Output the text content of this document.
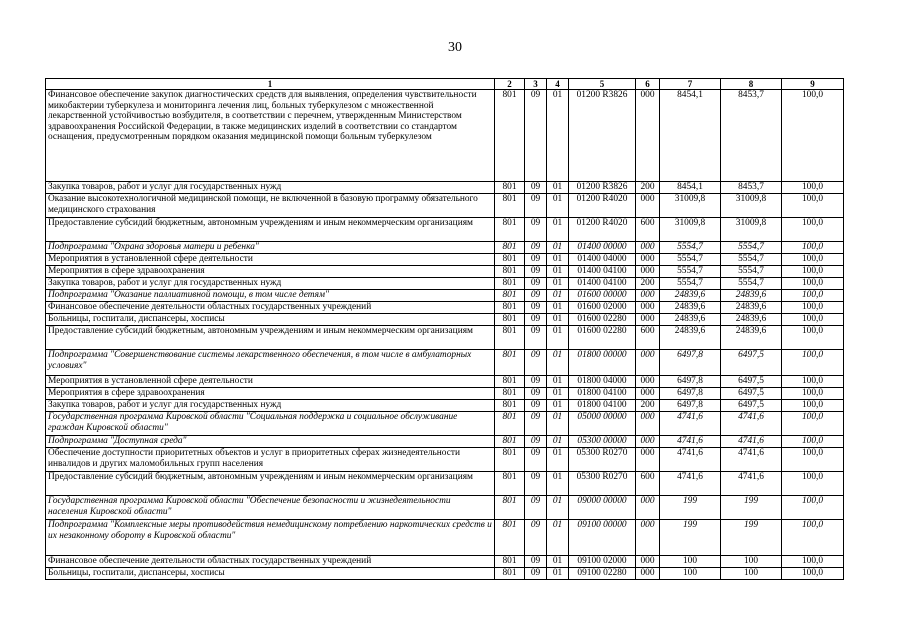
30
1	2	3	4	5	6	7	8	9
Финансовое обеспечение закупок диагностических средств для выявления, определения чувствительности микобактерии туберкулеза и мониторинга лечения лиц, больных туберкулезом с множественной лекарственной устойчивостью возбудителя, в соответствии с перечнем, утвержденным Министерством здравоохранения Российской Федерации, в также медицинских изделий в соответствии со стандартом оснащения, предусмотренным порядком оказания медицинской помощи больным туберкулезом	801	09	01	01200 R3826	000	8454,1	8453,7	100,0
Закупка товаров, работ и услуг для государственных нужд	801	09	01	01200 R3826	200	8454,1	8453,7	100,0
Оказание высокотехнологичной медицинской помощи, не включенной в базовую программу обязательного медицинского страхования	801	09	01	01200 R4020	000	31009,8	31009,8	100,0
Предоставление субсидий бюджетным, автономным учреждениям и иным некоммерческим организациям	801	09	01	01200 R4020	600	31009,8	31009,8	100,0
Подпрограмма "Охрана здоровья матери и ребенка"	801	09	01	01400 00000	000	5554,7	5554,7	100,0
Мероприятия в установленной сфере деятельности	801	09	01	01400 04000	000	5554,7	5554,7	100,0
Мероприятия в сфере здравоохранения	801	09	01	01400 04100	000	5554,7	5554,7	100,0
Закупка товаров, работ и услуг для государственных нужд	801	09	01	01400 04100	200	5554,7	5554,7	100,0
Подпрограмма "Оказание паллиативной помощи, в том числе детям"	801	09	01	01600 00000	000	24839,6	24839,6	100,0
Финансовое обеспечение деятельности областных государственных учреждений	801	09	01	01600 02000	000	24839,6	24839,6	100,0
Больницы, госпитали, диспансеры, хосписы	801	09	01	01600 02280	000	24839,6	24839,6	100,0
Предоставление субсидий бюджетным, автономным учреждениям и иным некоммерческим организациям	801	09	01	01600 02280	600	24839,6	24839,6	100,0
Подпрограмма "Совершенствование системы лекарственного обеспечения, в том числе в амбулаторных условиях"	801	09	01	01800 00000	000	6497,8	6497,5	100,0
Мероприятия в установленной сфере деятельности	801	09	01	01800 04000	000	6497,8	6497,5	100,0
Мероприятия в сфере здравоохранения	801	09	01	01800 04100	000	6497,8	6497,5	100,0
Закупка товаров, работ и услуг для государственных нужд	801	09	01	01800 04100	200	6497,8	6497,5	100,0
Государственная программа Кировской области "Социальная поддержка и социальное обслуживание граждан Кировской области"	801	09	01	05000 00000	000	4741,6	4741,6	100,0
Подпрограмма "Доступная среда"	801	09	01	05300 00000	000	4741,6	4741,6	100,0
Обеспечение доступности приоритетных объектов и услуг в приоритетных сферах жизнедеятельности инвалидов и других маломобильных групп населения	801	09	01	05300 R0270	000	4741,6	4741,6	100,0
Предоставление субсидий бюджетным, автономным учреждениям и иным некоммерческим организациям	801	09	01	05300 R0270	600	4741,6	4741,6	100,0
Государственная программа Кировской области "Обеспечение безопасности и жизнедеятельности населения Кировской области"	801	09	01	09000 00000	000	199	199	100,0
Подпрограмма "Комплексные меры противодействия немедицинскому потреблению наркотических средств и их незаконному обороту в Кировской области"	801	09	01	09100 00000	000	199	199	100,0
Финансовое обеспечение деятельности областных государственных учреждений	801	09	01	09100 02000	000	100	100	100,0
Больницы, госпитали, диспансеры, хосписы	801	09	01	09100 02280	000	100	100	100,0
